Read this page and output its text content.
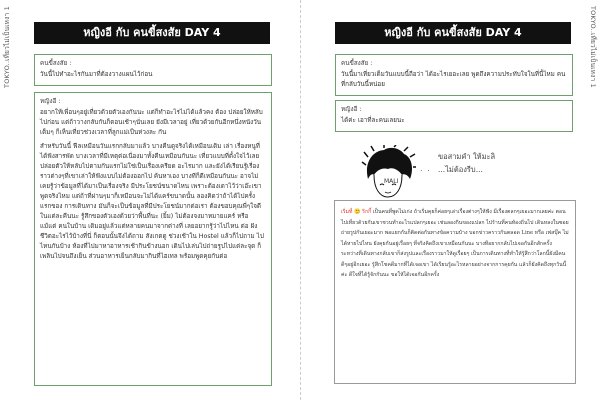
TOKYO..เที่ยวไม่เป็นเหงา 1	TOKYO..เที่ยวไม่เป็นเหงา 1
หญิงอี กับ คนขี้สงสัย DAY 4

คนขี้สงสัย :

วันนี้ไปทำอะไรกันมาที่ต้องวางแผนไว้ก่อน

หญิงอี :

อยากให้เพื่อนๆอยู่เที่ยวด้วยตัวเองกันนะ แต่ก็ทำอะไรไม่ได้แล้วคง ต้อง ปล่อยให้หลับไปก่อน แต่ถ้าวางกลับกันก็ตอนเช้าๆนั่นเลย ยังมีเวลาอยู่ เที่ยวด้วยกันอีกหนึ่งหนังวันเต็มๆ ก็เห็นเที่ยวช่วงเวลาที่ลูกแม่เป็นห่วงละ กัน

สำหรับวันนี้ ฟีลเหมือนวันแรกกลับมาแล้ว บางคืนดูจริงได้เหมือนเดิม เล่า เรื่องหนูที่ได้ฟังสารพัด บางเวลาที่มีเหตุต่อเนื่องมาทั้งคืนเหมือนกันนะ เที่ยวแบบที่ตั้งใจไว้เลย ปล่อยตัวให้หลับไปตามกันแรกไม่ใช่เป็นเรื่องเครียด อะไรมาก และยังได้เรียนรู้เรื่องราวต่างๆที่เขาเล่าให้ฟังแบบไม่ต้องออกไป ค้นหาเอง บางทีก็ดีเหมือนกันนะ อาจไม่เคยรู้ว่าข้อมูลที่ได้มาเป็นเรื่องจริง มีประโยชน์ขนาดไหน เพราะต้องเดาไว้ว่าเอ๊ะเขาพูดจริงไหม แต่ถ้าที่ผ่านๆมาก็เหมือนจะไม่ได้แคร์ขนาดนั้น ลองคิดว่าถ้าได้ไปครั้งแรกของ การเดินทาง มันก็จะเป็นข้อมูลที่มีประโยชน์มากต่อเรา ต้องขอบคุณพี่ๆใจดีในแต่ละคืนนะ รู้สึกของตัวเองด้วยว่าพื้นที่นะ (ยิ้ม) ไม่ต้องจงมาหมายแคร์ หรือ แม้แต่ คนในบ้าน เดิมอยู่แล้วแต่หลายคนมาจากต่างที่ เลยอยากรู้ว่าไปไหน ต่อ ฝังชีวิตอะไรไว้บ้างที่นี่ ก็ตอนนั้นจึงได้ถาม สังเกตดู ช่วงเช้าใน Hostel แล้วก็ไปถาม ไปไหนกันบ้าง ห้องที่ไปมาหาอาหารเช้ากินข้างนอก เดินไปเล่นไปถ่ายรูปไปแต่ละจุด ก็เพลินไปจนถึงเย็น ส่วนอาหารเย็นกลับมากินที่ไฮเทล พร้อมพูดคุยกันต่อ

หญิงอี กับ คนขี้สงสัย DAY 4

คนขี้สงสัย :

วันนี้มาเที่ยวเต็มวันแบบนี้ถือว่า ได้อะไรเยอะเลย พูดถึงความประทับใจในที่นี้ไหม คนที่กลับวันนี้หน่อย

หญิงอี :

ได้ค่ะ เอาที่ละคนเลยนะ

MALI
. .
ขอสามคำ ให้มะลิ
...ไม่ต้องรีบ...
เริ่มที่ 🙂 ริกกี้ เป็นคนที่พูดไม่เก่ง ถ้าเริ่มคุยก็ค่อยๆเล่าเรื่องต่างๆให้ฟัง มีเรื่องตลกๆเยอะมากเลยค่ะ ตอนไปเที่ยวด้วยกันเขาชวนทำอะไรแปลกๆเยอะ เช่นลองกินของแปลก ไปร้านที่คนท้องถิ่นไป เดินหลงในซอย ถ่ายรูปกันเยอะมาก พอแยกกันก็ติดต่อกันทางข้อความบ้าง บอกข่าวคราวกันตลอด Line หรือ เฟสบุ๊ค ไม่ได้หายไปไหน ยังคุยกันอยู่เรื่อยๆ ที่จริงคิดถึงเขาเหมือนกันนะ บางทีอยากกลับไปเจอกันอีกสักครั้ง ระหว่างที่เดินทางกลับเขาก็ส่งรูปและเรื่องราวมาให้ดูเรื่อยๆ เป็นการเดินทางที่ทำให้รู้สึกว่าโลกนี้ยังมีคนดีๆอยู่อีกเยอะ รู้สึกโชคดีมากที่ได้เจอเขา ได้เรียนรู้อะไรหลายอย่างจากการคุยกัน แล้วก็ยังคิดถึงทุกวันนี้ค่ะ ดีใจที่ได้รู้จักกันนะ ขอให้ได้เจอกันอีกครั้ง
